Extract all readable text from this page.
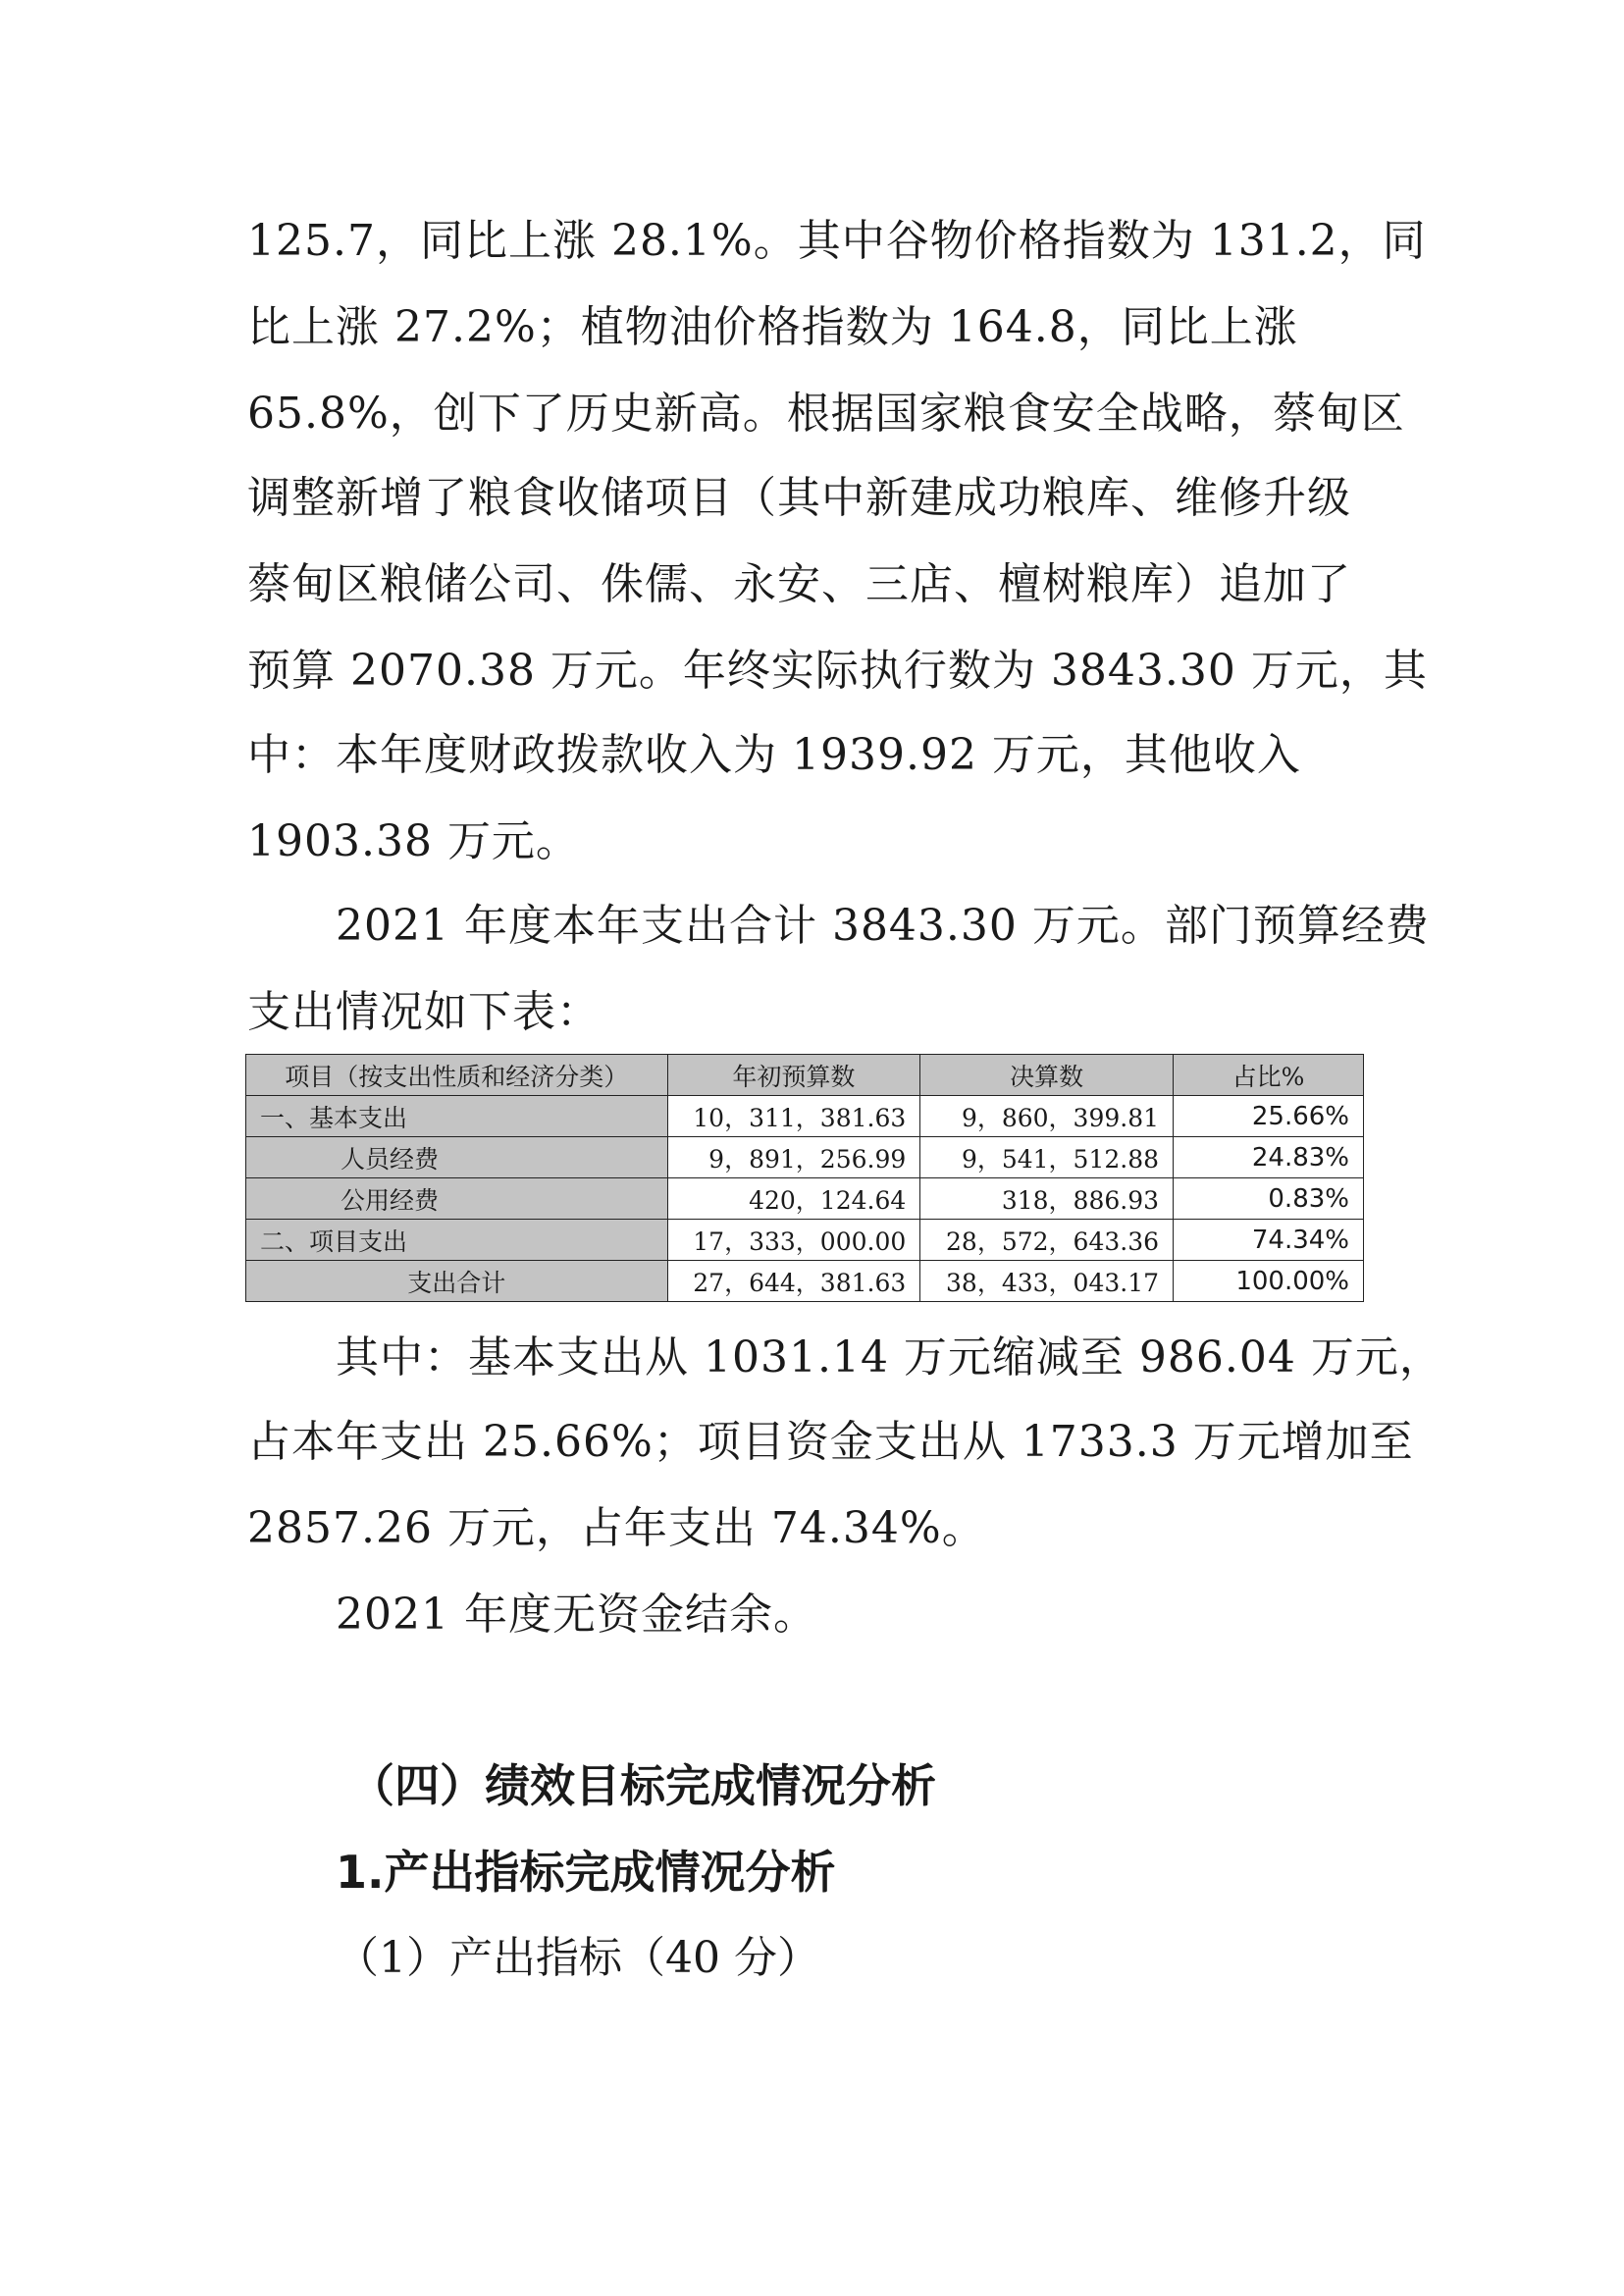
125.7，同比上涨 28.1%。其中谷物价格指数为 131.2，同
比上涨 27.2%；植物油价格指数为 164.8，同比上涨
65.8%，创下了历史新高。根据国家粮食安全战略，蔡甸区
调整新增了粮食收储项目（其中新建成功粮库、维修升级
蔡甸区粮储公司、侏儒、永安、三店、檀树粮库）追加了
预算 2070.38 万元。年终实际执行数为 3843.30 万元，其
中：本年度财政拨款收入为 1939.92 万元，其他收入
1903.38 万元。
2021 年度本年支出合计 3843.30 万元。部门预算经费
支出情况如下表：
项目（按支出性质和经济分类）	年初预算数	决算数	占比%
一、基本支出	10，311，381.63	9，860，399.81	25.66%
人员经费	9，891，256.99	9，541，512.88	24.83%
公用经费	420，124.64	318，886.93	0.83%
二、项目支出	17，333，000.00	28，572，643.36	74.34%
支出合计	27，644，381.63	38，433，043.17	100.00%
其中：基本支出从 1031.14 万元缩减至 986.04 万元，
占本年支出 25.66%；项目资金支出从 1733.3 万元增加至
2857.26 万元，占年支出 74.34%。
2021 年度无资金结余。
（四）绩效目标完成情况分析
1.产出指标完成情况分析
（1）产出指标（40 分）
